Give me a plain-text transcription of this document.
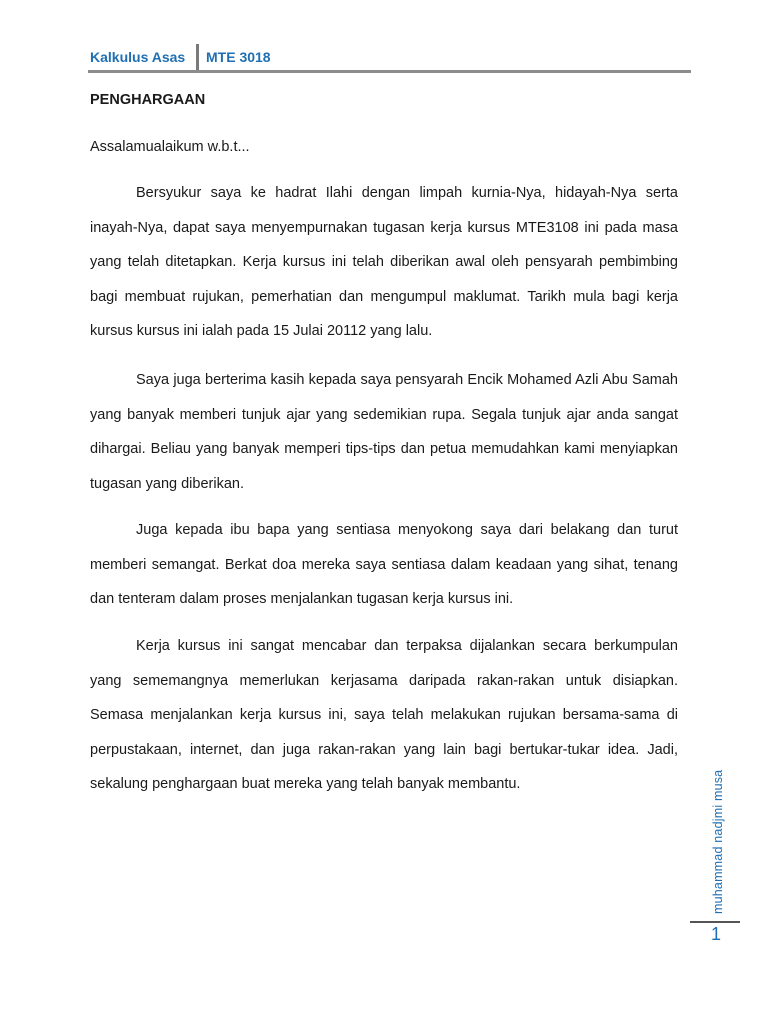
Kalkulus Asas MTE 3018
PENGHARGAAN

Assalamualaikum w.b.t...

Bersyukur saya ke hadrat Ilahi dengan limpah kurnia-Nya, hidayah-Nya serta inayah-Nya, dapat saya menyempurnakan tugasan kerja kursus MTE3108 ini pada masa yang telah ditetapkan. Kerja kursus ini telah diberikan awal oleh pensyarah pembimbing bagi membuat rujukan, pemerhatian dan mengumpul maklumat. Tarikh mula bagi kerja kursus kursus ini ialah pada 15 Julai 20112 yang lalu.

Saya juga berterima kasih kepada saya pensyarah Encik Mohamed Azli Abu Samah yang banyak memberi tunjuk ajar yang sedemikian rupa. Segala tunjuk ajar anda sangat dihargai. Beliau yang banyak memperi tips-tips dan petua memudahkan kami menyiapkan tugasan yang diberikan.

Juga kepada ibu bapa yang sentiasa menyokong saya dari belakang dan turut memberi semangat. Berkat doa mereka saya sentiasa dalam keadaan yang sihat, tenang dan tenteram dalam proses menjalankan tugasan kerja kursus ini.

Kerja kursus ini sangat mencabar dan terpaksa dijalankan secara berkumpulan yang sememangnya memerlukan kerjasama daripada rakan-rakan untuk disiapkan. Semasa menjalankan kerja kursus ini, saya telah melakukan rujukan bersama-sama di perpustakaan, internet, dan juga rakan-rakan yang lain bagi bertukar-tukar idea. Jadi, sekalung penghargaan buat mereka yang telah banyak membantu.	muhammad nadjmi musa
1
